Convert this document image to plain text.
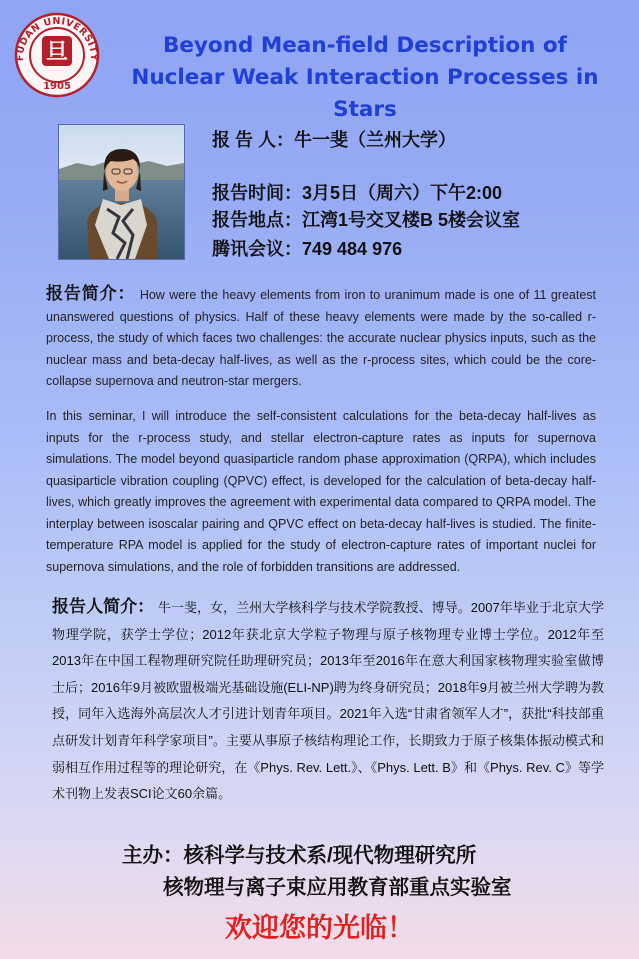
FUDAN UNIVERSITY
旦
1905
Beyond Mean-field Description of
Nuclear Weak Interaction Processes in Stars
报 告 人：牛一斐（兰州大学）
报告时间：3月5日（周六）下午2:00
报告地点：江湾1号交叉楼B 5楼会议室
腾讯会议：749 484 976
报告简介： How were the heavy elements from iron to uranimum made is one of 11 greatest unanswered questions of physics. Half of these heavy elements were made by the so-called r-process, the study of which faces two challenges: the accurate nuclear physics inputs, such as the nuclear mass and beta-decay half-lives, as well as the r-process sites, which could be the core-collapse supernova and neutron-star mergers.
In this seminar, I will introduce the self-consistent calculations for the beta-decay half-lives as inputs for the r-process study, and stellar electron-capture rates as inputs for supernova simulations. The model beyond quasiparticle random phase approximation (QRPA), which includes quasiparticle vibration coupling (QPVC) effect, is developed for the calculation of beta-decay half-lives, which greatly improves the agreement with experimental data compared to QRPA model. The interplay between isoscalar pairing and QPVC effect on beta-decay half-lives is studied. The finite-temperature RPA model is applied for the study of electron-capture rates of important nuclei for supernova simulations, and the role of forbidden transitions are addressed.
报告人简介： 牛一斐，女，兰州大学核科学与技术学院教授、博导。2007年毕业于北京大学物理学院，获学士学位；2012年获北京大学粒子物理与原子核物理专业博士学位。2012年至2013年在中国工程物理研究院任助理研究员；2013年至2016年在意大利国家核物理实验室做博士后；2016年9月被欧盟极端光基础设施(ELI-NP)聘为终身研究员；2018年9月被兰州大学聘为教授，同年入选海外高层次人才引进计划青年项目。2021年入选“甘肃省领军人才”，获批“科技部重点研发计划青年科学家项目”。主要从事原子核结构理论工作，长期致力于原子核集体振动模式和弱相互作用过程等的理论研究，在《Phys. Rev. Lett.》、《Phys. Lett. B》和《Phys. Rev. C》等学术刊物上发表SCI论文60余篇。
主办：核科学与技术系/现代物理研究所
核物理与离子束应用教育部重点实验室
欢迎您的光临！
